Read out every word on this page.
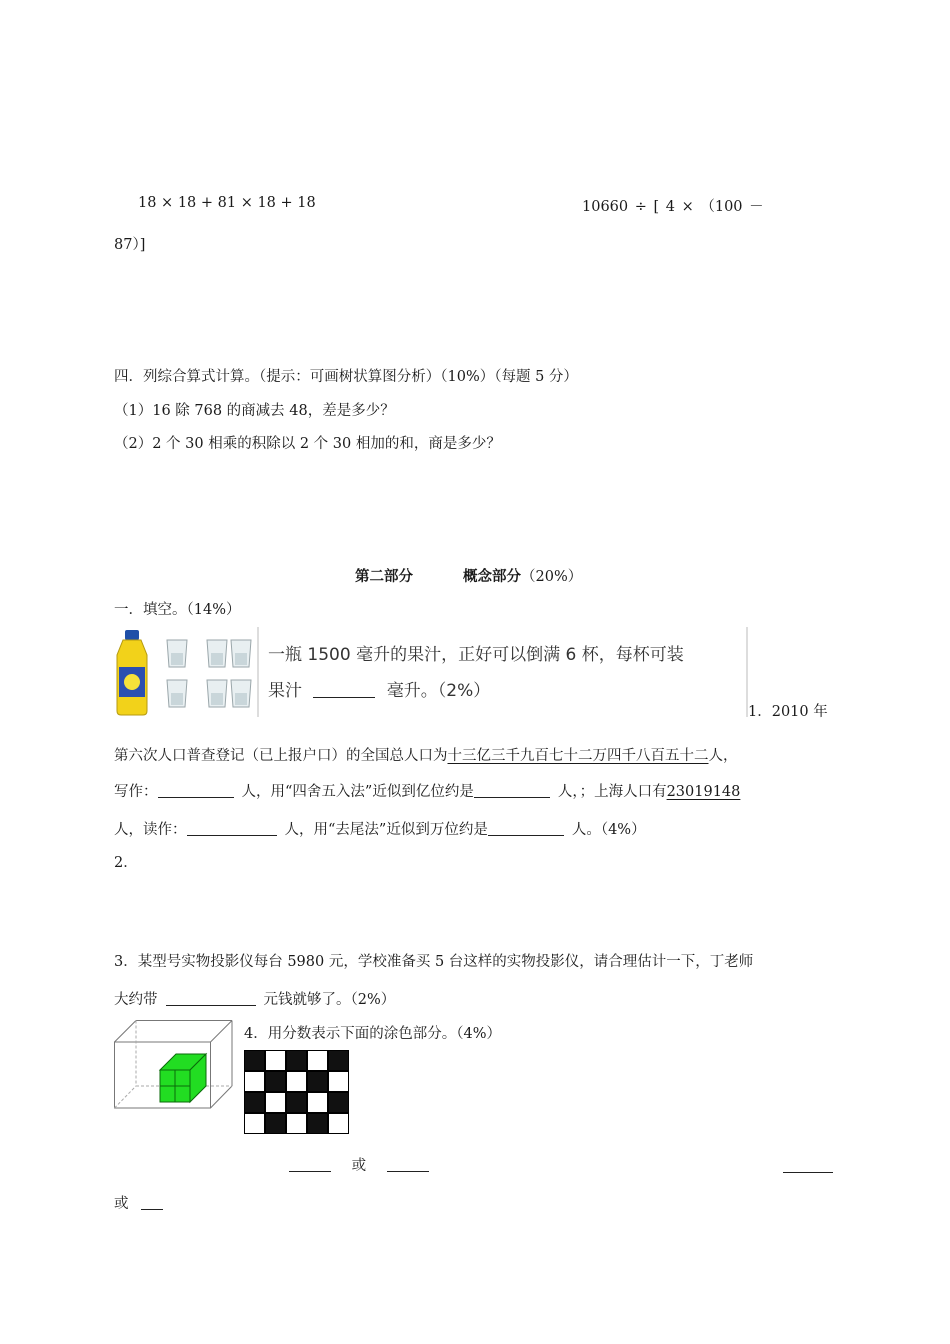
18 × 18 + 81 × 18 + 18	10660 ÷ [ 4 × （100 －
87）]
四．列综合算式计算。（提示：可画树状算图分析）（10%）（每题 5 分）
（1）16 除 768 的商减去 48，差是多少？
（2）2 个 30 相乘的积除以 2 个 30 相加的和，商是多少？
第二部分	概念部分（20%）
一．填空。（14%）
一瓶 1500 毫升的果汁，正好可以倒满 6 杯，每杯可装
果汁	毫升。（2%）
1．2010 年
第六次人口普查登记（已上报户口）的全国总人口为十三亿三千九百七十二万四千八百五十二人，
写作：	人，用“四舍五入法”近似到亿位约是	人，；上海人口有23019148
人，读作：	人，用“去尾法”近似到万位约是	人。（4%）
2．
3．某型号实物投影仪每台 5980 元，学校准备买 5 台这样的实物投影仪，请合理估计一下，丁老师
大约带	元钱就够了。（2%）
4．用分数表示下面的涂色部分。（4%）
或
或
